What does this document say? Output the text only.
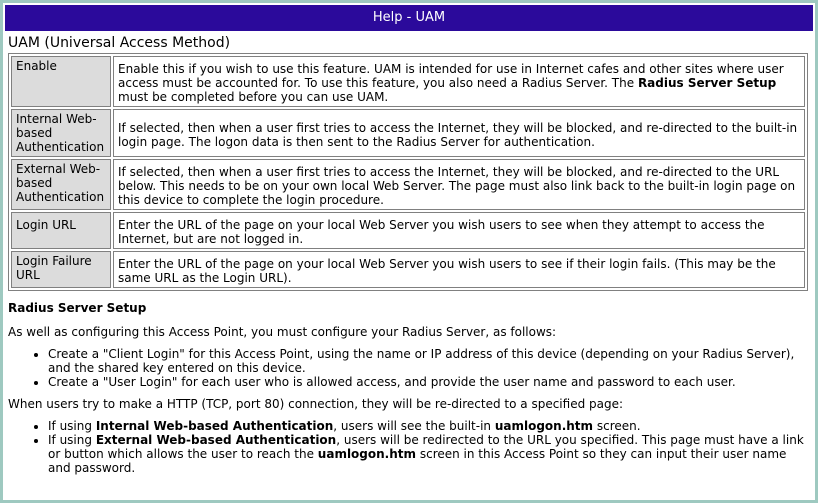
Help - UAM
UAM (Universal Access Method)
Enable	Enable this if you wish to use this feature. UAM is intended for use in Internet cafes and other sites where user access must be accounted for. To use this feature, you also need a Radius Server. The Radius Server Setup must be completed before you can use UAM.
Internal Web-based Authentication	If selected, then when a user first tries to access the Internet, they will be blocked, and re-directed to the built-in login page. The logon data is then sent to the Radius Server for authentication.
External Web-based Authentication	If selected, then when a user first tries to access the Internet, they will be blocked, and re-directed to the URL below. This needs to be on your own local Web Server. The page must also link back to the built-in login page on this device to complete the login procedure.
Login URL	Enter the URL of the page on your local Web Server you wish users to see when they attempt to access the Internet, but are not logged in.
Login Failure URL	Enter the URL of the page on your local Web Server you wish users to see if their login fails. (This may be the same URL as the Login URL).
Radius Server Setup

As well as configuring this Access Point, you must configure your Radius Server, as follows:

• Create a "Client Login" for this Access Point, using the name or IP address of this device (depending on your Radius Server), and the shared key entered on this device.
• Create a "User Login" for each user who is allowed access, and provide the user name and password to each user.

When users try to make a HTTP (TCP, port 80) connection, they will be re-directed to a specified page:

• If using Internal Web-based Authentication, users will see the built-in uamlogon.htm screen.
• If using External Web-based Authentication, users will be redirected to the URL you specified. This page must have a link or button which allows the user to reach the uamlogon.htm screen in this Access Point so they can input their user name and password.
